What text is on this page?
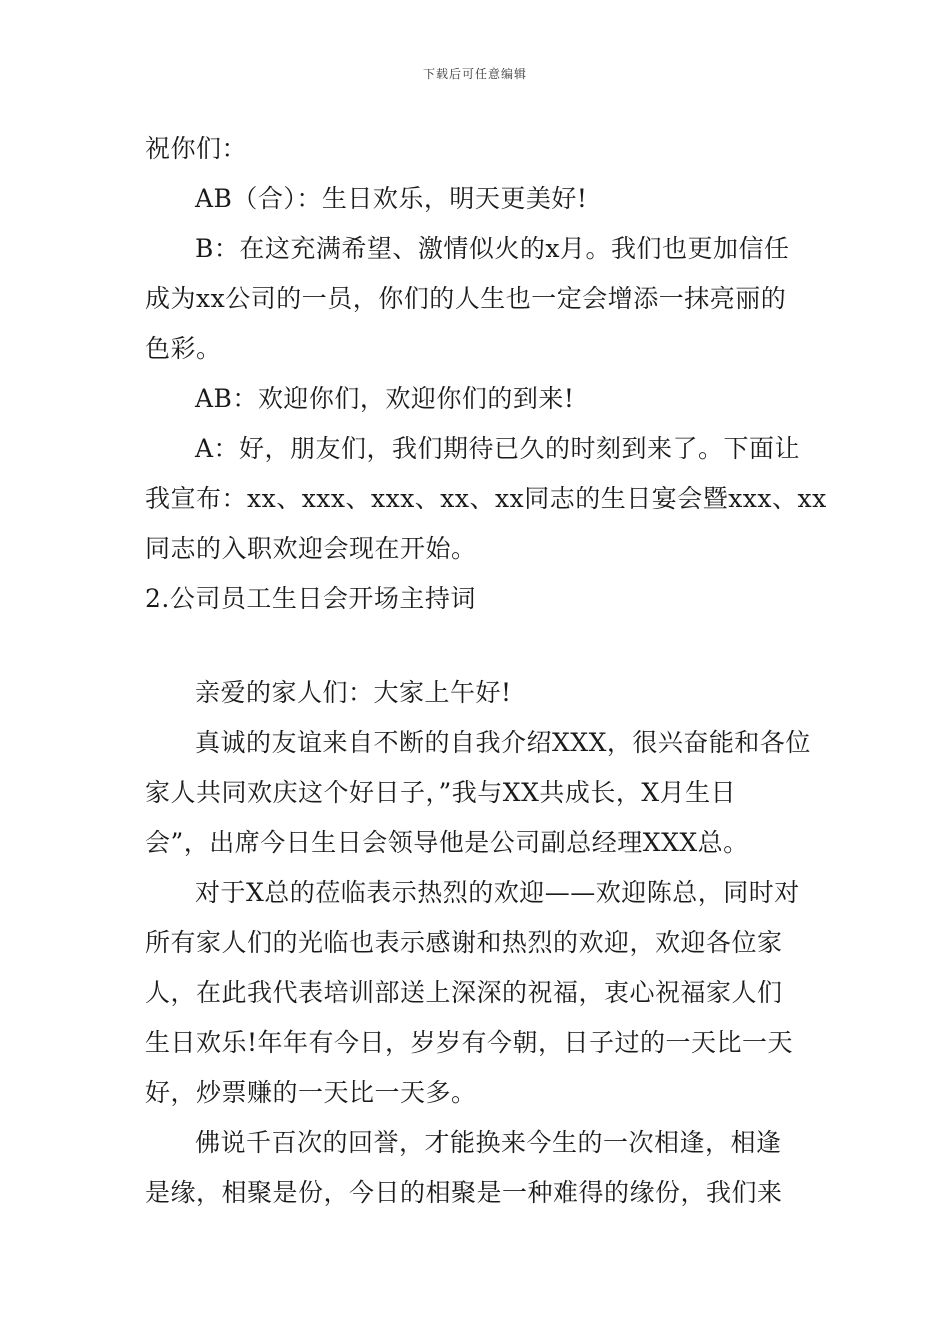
下载后可任意编辑
祝你们：
AB（合）：生日欢乐，明天更美好!
B：在这充满希望、激情似火的x月。我们也更加信任
成为xx公司的一员，你们的人生也一定会增添一抹亮丽的
色彩。
AB：欢迎你们，欢迎你们的到来!
A：好，朋友们，我们期待已久的时刻到来了。下面让
我宣布：xx、xxx、xxx、xx、xx同志的生日宴会暨xxx、xx
同志的入职欢迎会现在开始。
2.公司员工生日会开场主持词
亲爱的家人们：大家上午好!
真诚的友谊来自不断的自我介绍XXX，很兴奋能和各位
家人共同欢庆这个好日子，”我与XX共成长，X月生日
会”，出席今日生日会领导他是公司副总经理XXX总。
对于X总的莅临表示热烈的欢迎——欢迎陈总，同时对
所有家人们的光临也表示感谢和热烈的欢迎，欢迎各位家
人，在此我代表培训部送上深深的祝福，衷心祝福家人们
生日欢乐!年年有今日，岁岁有今朝，日子过的一天比一天
好，炒票赚的一天比一天多。
佛说千百次的回誉，才能换来今生的一次相逢，相逢
是缘，相聚是份，今日的相聚是一种难得的缘份，我们来
